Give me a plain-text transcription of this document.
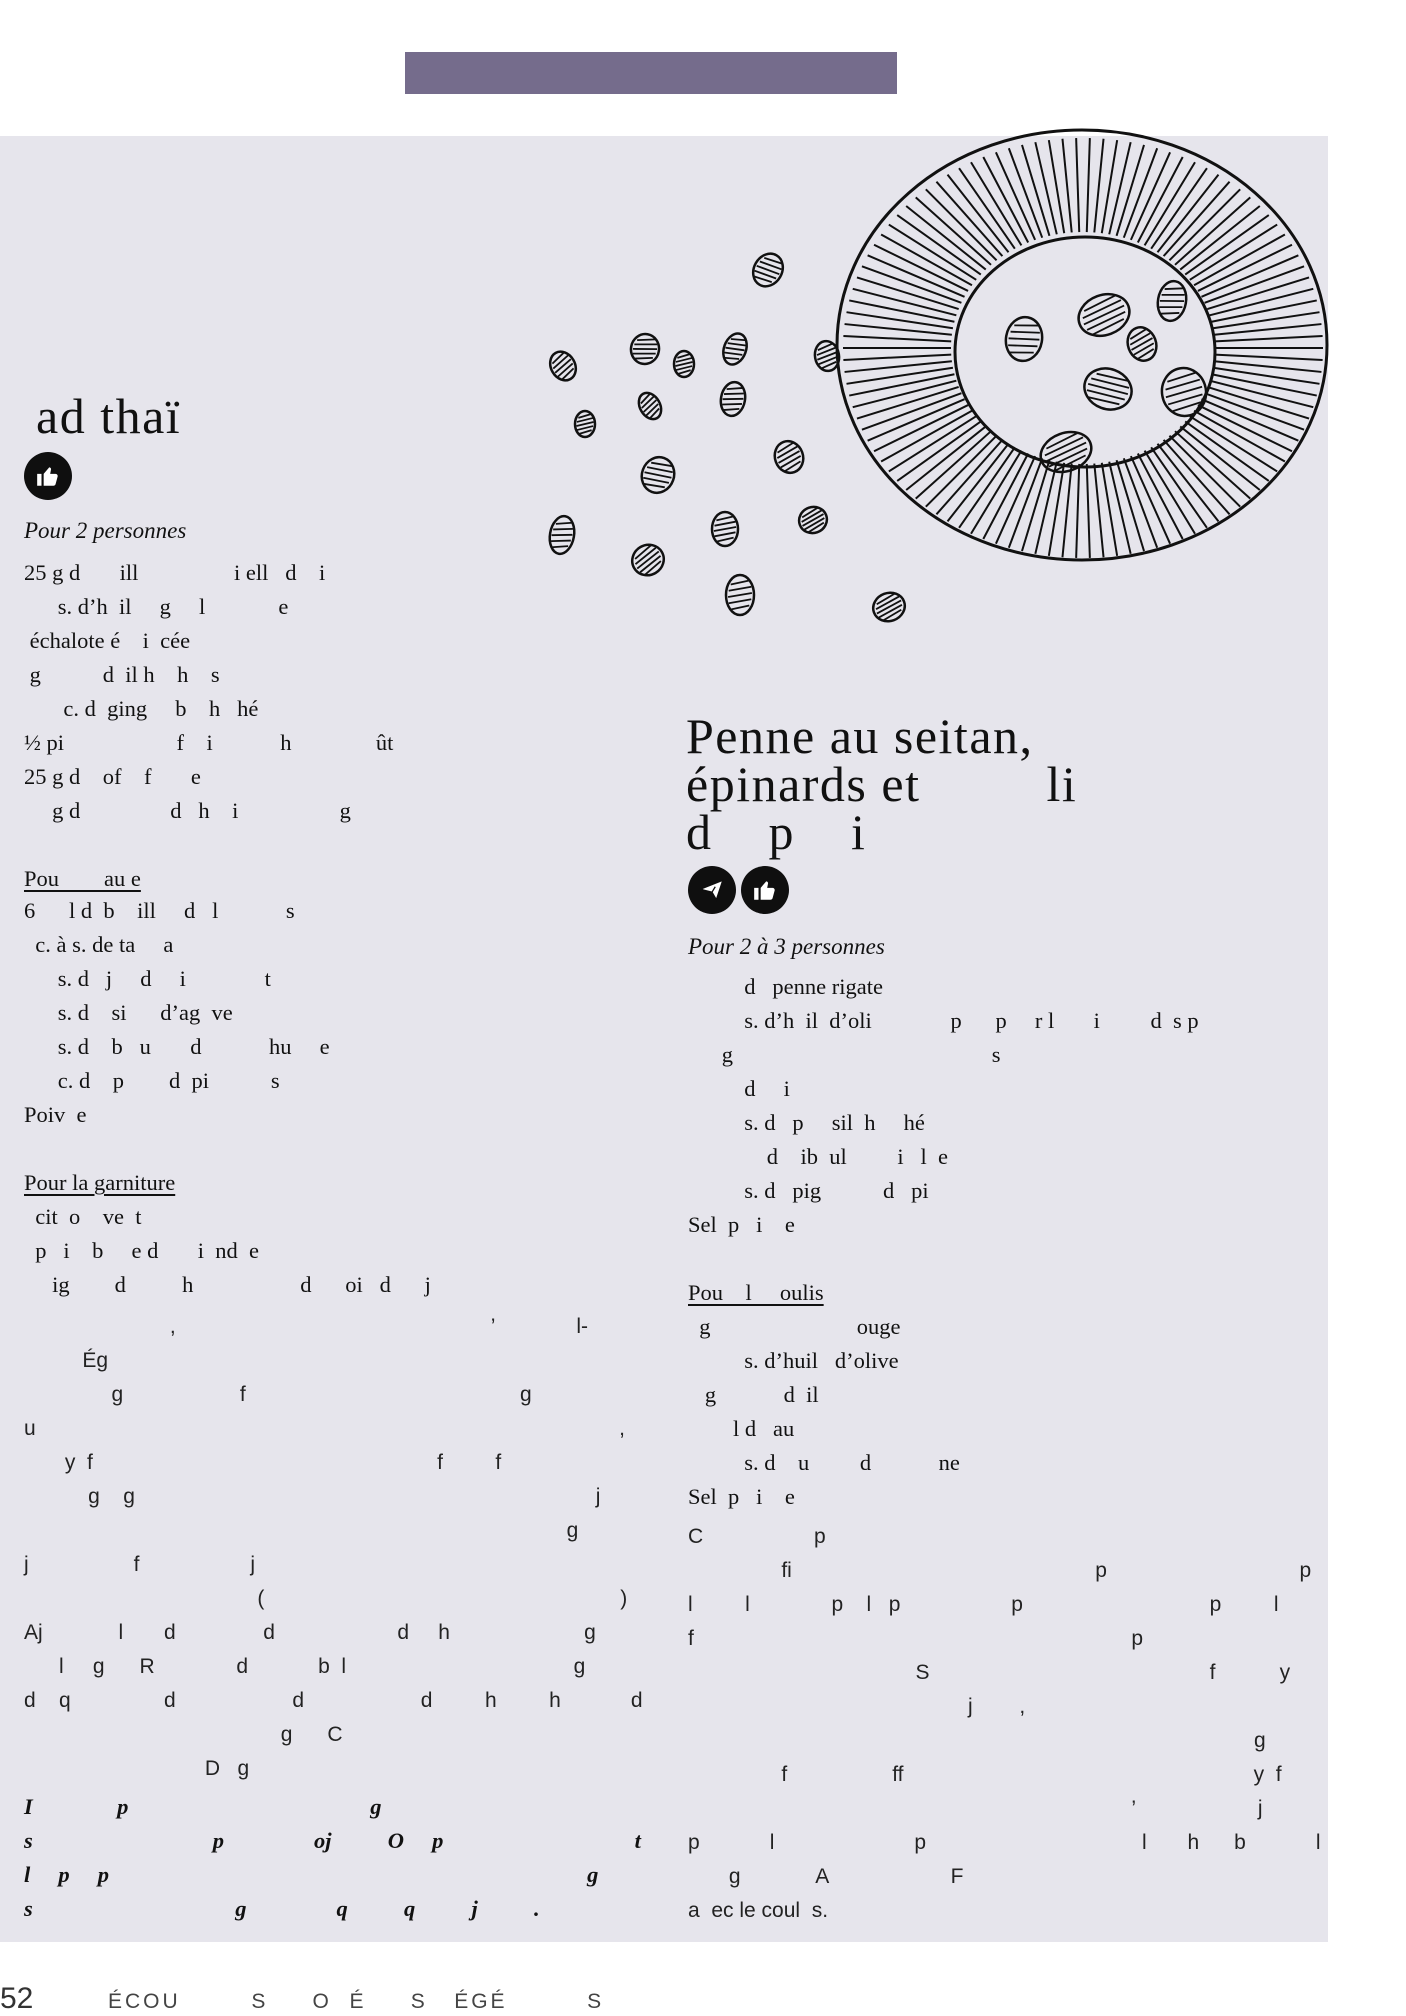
ad thaï
Pour 2 personnes
25 g d       ill                 i ell   d    i
s. d’h  il     g     l             e
échalote é    i  cée
g           d  il h    h    s
c. d  ging     b    h   hé
½ pi                    f    i            h               ût
25 g d    of    f       e
g d                d   h    i                  g
Pou        au e
6      l d  b    ill     d   l            s
c. à s. de ta     a
s. d   j     d     i              t
s. d    si      d’ag  ve
s. d    b   u       d            hu     e
c. d    p        d  pi           s
Poiv  e
Pour la garniture
cit  o    ve  t
p   i    b     e d       i  nd  e
ig        d          h                   d      oi   d      j
,                                                      ’              l-
Ég
g                    f                                               g
u                                                                                                    ,
y  f                                                           f         f
g    g                                                                               j
g
j                  f                   j
(                                                             )
Aj             l       d               d                     d     h                       g
l     g      R              d            b  l                                       g
d    q                d                    d                    d         h         h            d
g      C
D   g
I               p                                           g
s                                p                oj          O     p                                  t
l     p     p                                                                                     g
s                                    g                q          q          j          .
Penne au seitan,
épinards et         li
d    p    i
Pour 2 à 3 personnes
d   penne rigate
s. d’h  il  d’oli              p      p     r l       i         d  s p
g                                              s
d     i
s. d   p     sil  h     hé
d    ib  ul         i   l  e
s. d   pig           d   pi
Sel  p   i    e
Pou    l     oulis
g                          ouge
s. d’huil   d’olive
g            d  il
l d   au
s. d    u         d            ne
Sel  p   i    e
C                   p
fi                                                    p                                 p
l         l              p    l   p                   p                                p         l
f                                                                           p
S                                                f           y
j        ,
g
f                  ff                                                            y  f
’                     j
p            l                        p                                     l       h      b            l
g             A                     F
a  ec le coul  s.
52	ÉCOU        S     O  É     S   ÉGÉ         S
